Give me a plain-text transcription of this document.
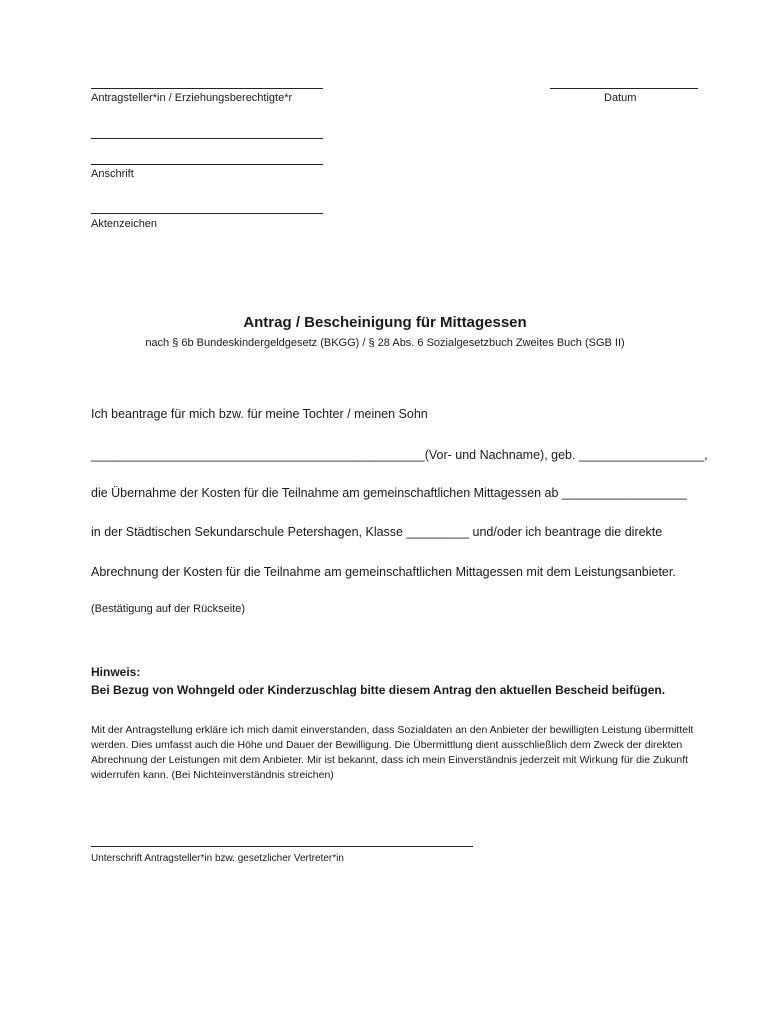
Antragsteller*in / Erziehungsberechtigte*r	Datum
Anschrift
Aktenzeichen
Antrag / Bescheinigung für Mittagessen
nach § 6b Bundeskindergeldgesetz (BKGG) / § 28 Abs. 6 Sozialgesetzbuch Zweites Buch (SGB II)
Ich beantrage für mich bzw. für meine Tochter / meinen Sohn
________________________________________________(Vor- und Nachname), geb. __________________,
die Übernahme der Kosten für die Teilnahme am gemeinschaftlichen Mittagessen ab __________________
in der Städtischen Sekundarschule Petershagen, Klasse _________ und/oder ich beantrage die direkte
Abrechnung der Kosten für die Teilnahme am gemeinschaftlichen Mittagessen mit dem Leistungsanbieter.
(Bestätigung auf der Rückseite)
Hinweis:
Bei Bezug von Wohngeld oder Kinderzuschlag bitte diesem Antrag den aktuellen Bescheid beifügen.
Mit der Antragstellung erkläre ich mich damit einverstanden, dass Sozialdaten an den Anbieter der bewilligten Leistung übermittelt werden. Dies umfasst auch die Höhe und Dauer der Bewilligung. Die Übermittlung dient ausschließlich dem Zweck der direkten Abrechnung der Leistungen mit dem Anbieter. Mir ist bekannt, dass ich mein Einverständnis jederzeit mit Wirkung für die Zukunft widerrufen kann. (Bei Nichteinverständnis streichen)
Unterschrift Antragsteller*in bzw. gesetzlicher Vertreter*in
